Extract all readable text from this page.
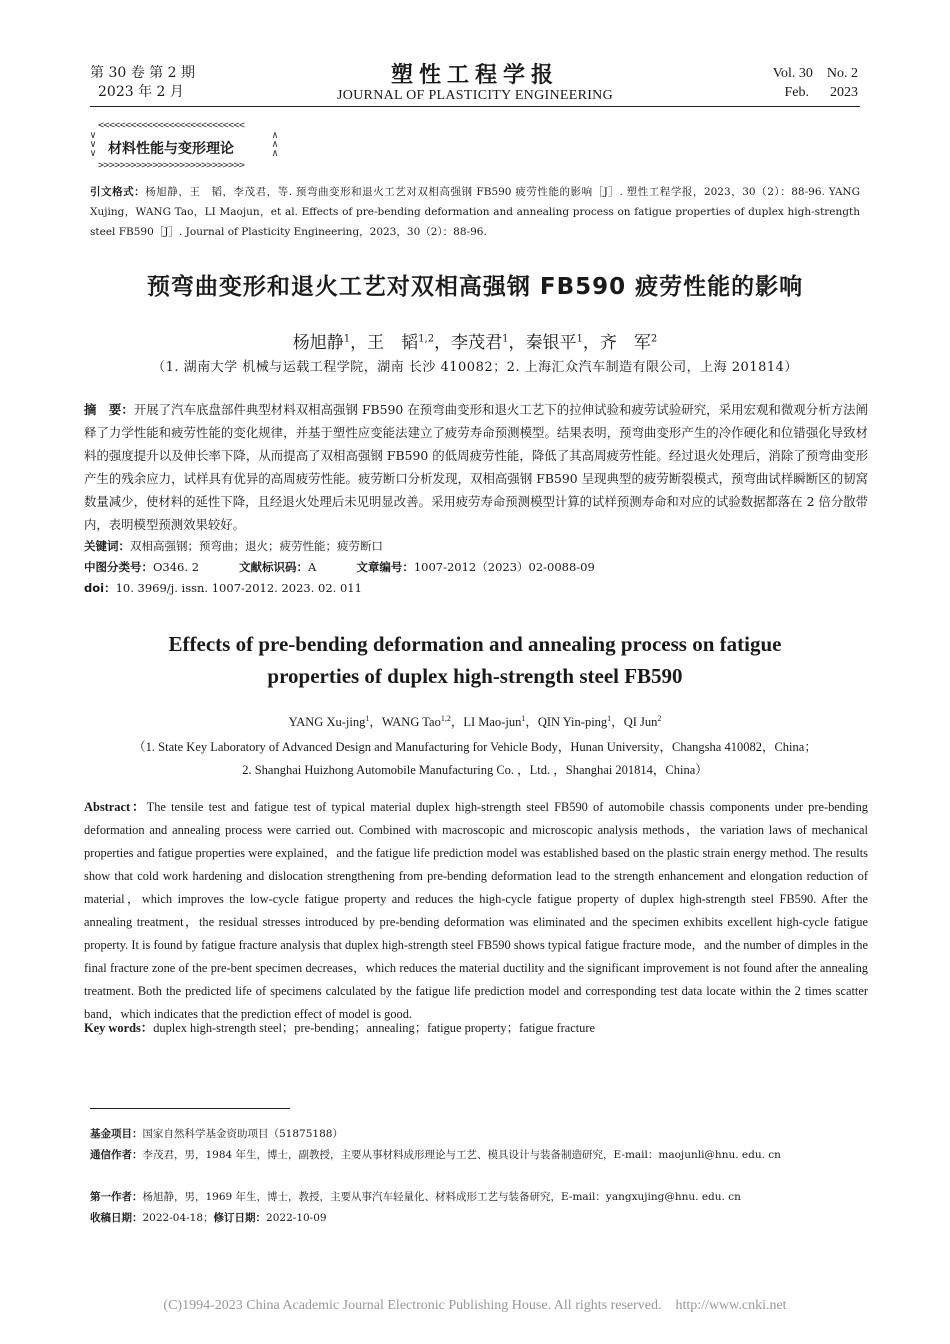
第 30 卷 第 2 期
2023 年 2 月
塑性工程学报
JOURNAL OF PLASTICITY ENGINEERING
Vol. 30    No. 2
Feb.      2023
<<<<<<<<<<<<<<<<<<<<<<<<<<<
∨
∨
∨ 材料性能与变形理论
∧
∧
∧
>>>>>>>>>>>>>>>>>>>>>>>>>>>
引文格式：杨旭静，王　韬，李茂君，等. 预弯曲变形和退火工艺对双相高强钢 FB590 疲劳性能的影响［J］. 塑性工程学报，2023，30（2）：88-96. YANG Xujing，WANG Tao，LI Maojun，et al. Effects of pre-bending deformation and annealing process on fatigue properties of duplex high-strength steel FB590［J］. Journal of Plasticity Engineering，2023，30（2）：88-96.
预弯曲变形和退火工艺对双相高强钢 FB590 疲劳性能的影响
杨旭静$^1$，王　韬$^{1,2}$，李茂君$^1$，秦银平$^1$，齐　军$^2$
（1. 湖南大学 机械与运载工程学院，湖南 长沙 410082；2. 上海汇众汽车制造有限公司，上海 201814）
摘　要：开展了汽车底盘部件典型材料双相高强钢 FB590 在预弯曲变形和退火工艺下的拉伸试验和疲劳试验研究，采用宏观和微观分析方法阐释了力学性能和疲劳性能的变化规律，并基于塑性应变能法建立了疲劳寿命预测模型。结果表明，预弯曲变形产生的冷作硬化和位错强化导致材料的强度提升以及伸长率下降，从而提高了双相高强钢 FB590 的低周疲劳性能，降低了其高周疲劳性能。经过退火处理后，消除了预弯曲变形产生的残余应力，试样具有优异的高周疲劳性能。疲劳断口分析发现，双相高强钢 FB590 呈现典型的疲劳断裂模式，预弯曲试样瞬断区的韧窝数量减少，使材料的延性下降，且经退火处理后未见明显改善。采用疲劳寿命预测模型计算的试样预测寿命和对应的试验数据都落在 2 倍分散带内，表明模型预测效果较好。
关键词：双相高强钢；预弯曲；退火；疲劳性能；疲劳断口
中图分类号：O346. 2	文献标识码：A	文章编号：1007-2012（2023）02-0088-09
doi：10. 3969/j. issn. 1007-2012. 2023. 02. 011
Effects of pre-bending deformation and annealing process on fatigue
properties of duplex high-strength steel FB590
YANG Xu-jing$^1$，WANG Tao$^{1,2}$，LI Mao-jun$^1$，QIN Yin-ping$^1$，QI Jun$^2$
（1. State Key Laboratory of Advanced Design and Manufacturing for Vehicle Body，Hunan University，Changsha 410082，China；
2. Shanghai Huizhong Automobile Manufacturing Co. ，Ltd. ，Shanghai 201814，China）
Abstract：The tensile test and fatigue test of typical material duplex high-strength steel FB590 of automobile chassis components under pre-bending deformation and annealing process were carried out. Combined with macroscopic and microscopic analysis methods，the variation laws of mechanical properties and fatigue properties were explained，and the fatigue life prediction model was established based on the plastic strain energy method. The results show that cold work hardening and dislocation strengthening from pre-bending deformation lead to the strength enhancement and elongation reduction of material，which improves the low-cycle fatigue property and reduces the high-cycle fatigue property of duplex high-strength steel FB590. After the annealing treatment，the residual stresses introduced by pre-bending deformation was eliminated and the specimen exhibits excellent high-cycle fatigue property. It is found by fatigue fracture analysis that duplex high-strength steel FB590 shows typical fatigue fracture mode，and the number of dimples in the final fracture zone of the pre-bent specimen decreases，which reduces the material ductility and the significant improvement is not found after the annealing treatment. Both the predicted life of specimens calculated by the fatigue life prediction model and corresponding test data locate within the 2 times scatter band，which indicates that the prediction effect of model is good.
Key words：duplex high-strength steel；pre-bending；annealing；fatigue property；fatigue fracture
基金项目：国家自然科学基金资助项目（51875188）
通信作者：李茂君，男，1984 年生，博士，副教授，主要从事材料成形理论与工艺、模具设计与装备制造研究，E-mail：maojunli@hnu. edu. cn
第一作者：杨旭静，男，1969 年生，博士，教授，主要从事汽车轻量化、材料成形工艺与装备研究，E-mail：yangxujing@hnu. edu. cn
收稿日期：2022-04-18；修订日期：2022-10-09
(C)1994-2023 China Academic Journal Electronic Publishing House. All rights reserved.    http://www.cnki.net
